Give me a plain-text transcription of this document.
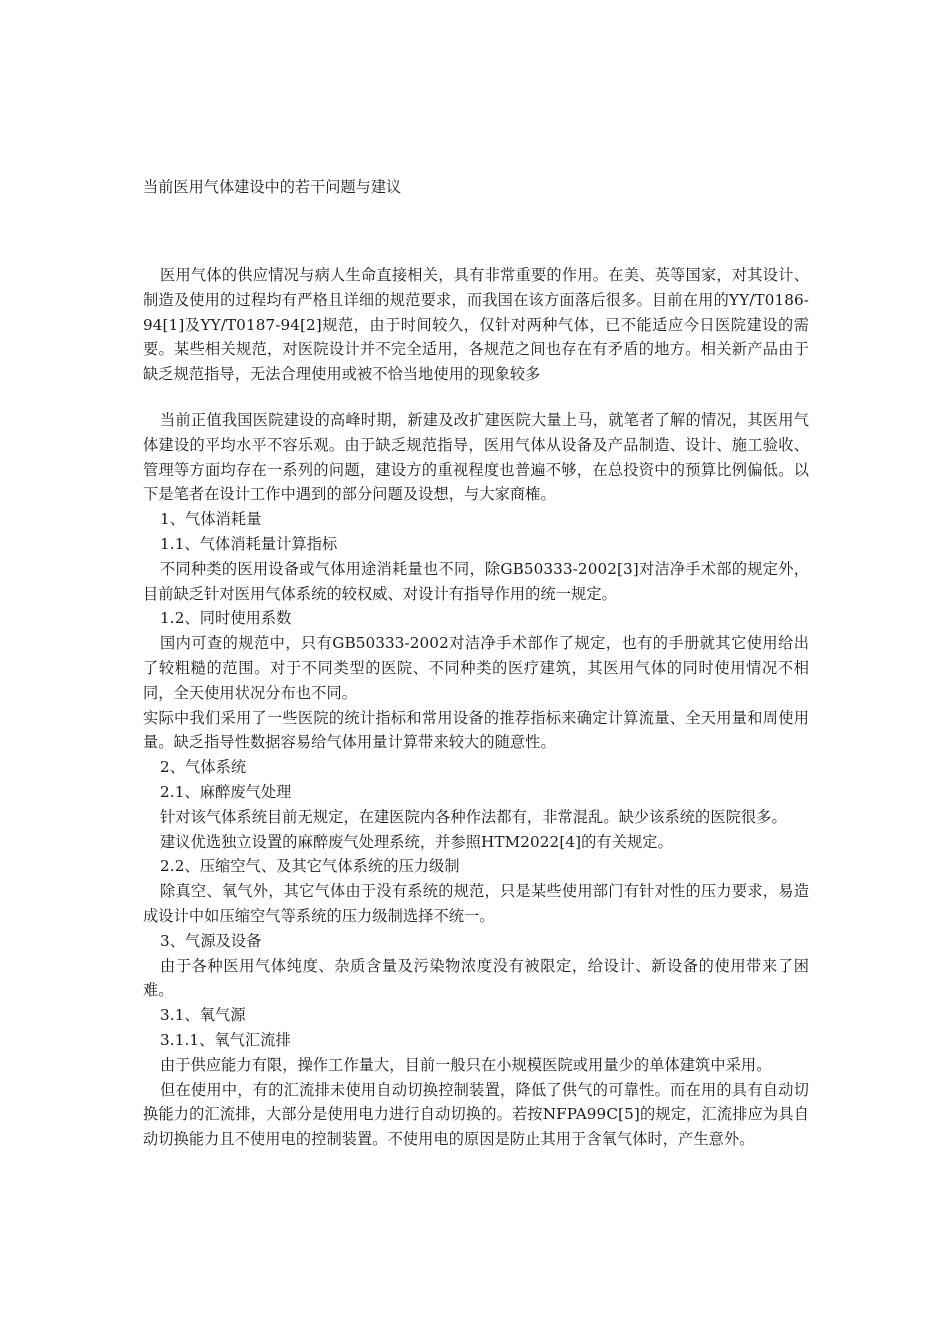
当前医用气体建设中的若干问题与建议

医用气体的供应情况与病人生命直接相关，具有非常重要的作用。在美、英等国家，对其设计、制造及使用的过程均有严格且详细的规范要求，而我国在该方面落后很多。目前在用的YY/T0186-94[1]及YY/T0187-94[2]规范，由于时间较久，仅针对两种气体，已不能适应今日医院建设的需要。某些相关规范，对医院设计并不完全适用，各规范之间也存在有矛盾的地方。相关新产品由于缺乏规范指导，无法合理使用或被不恰当地使用的现象较多

当前正值我国医院建设的高峰时期，新建及改扩建医院大量上马，就笔者了解的情况，其医用气体建设的平均水平不容乐观。由于缺乏规范指导，医用气体从设备及产品制造、设计、施工验收、管理等方面均存在一系列的问题，建设方的重视程度也普遍不够，在总投资中的预算比例偏低。以下是笔者在设计工作中遇到的部分问题及设想，与大家商榷。

1、气体消耗量

1.1、气体消耗量计算指标

不同种类的医用设备或气体用途消耗量也不同，除GB50333-2002[3]对洁净手术部的规定外，目前缺乏针对医用气体系统的较权威、对设计有指导作用的统一规定。

1.2、同时使用系数

国内可查的规范中，只有GB50333-2002对洁净手术部作了规定，也有的手册就其它使用给出了较粗糙的范围。对于不同类型的医院、不同种类的医疗建筑，其医用气体的同时使用情况不相同，全天使用状况分布也不同。

实际中我们采用了一些医院的统计指标和常用设备的推荐指标来确定计算流量、全天用量和周使用量。缺乏指导性数据容易给气体用量计算带来较大的随意性。

2、气体系统

2.1、麻醉废气处理

针对该气体系统目前无规定，在建医院内各种作法都有，非常混乱。缺少该系统的医院很多。

建议优选独立设置的麻醉废气处理系统，并参照HTM2022[4]的有关规定。

2.2、压缩空气、及其它气体系统的压力级制

除真空、氧气外，其它气体由于没有系统的规范，只是某些使用部门有针对性的压力要求，易造成设计中如压缩空气等系统的压力级制选择不统一。

3、气源及设备

由于各种医用气体纯度、杂质含量及污染物浓度没有被限定，给设计、新设备的使用带来了困难。

3.1、氧气源

3.1.1、氧气汇流排

由于供应能力有限，操作工作量大，目前一般只在小规模医院或用量少的单体建筑中采用。

但在使用中，有的汇流排未使用自动切换控制装置，降低了供气的可靠性。而在用的具有自动切换能力的汇流排，大部分是使用电力进行自动切换的。若按NFPA99C[5]的规定，汇流排应为具自动切换能力且不使用电的控制装置。不使用电的原因是防止其用于含氧气体时，产生意外。
